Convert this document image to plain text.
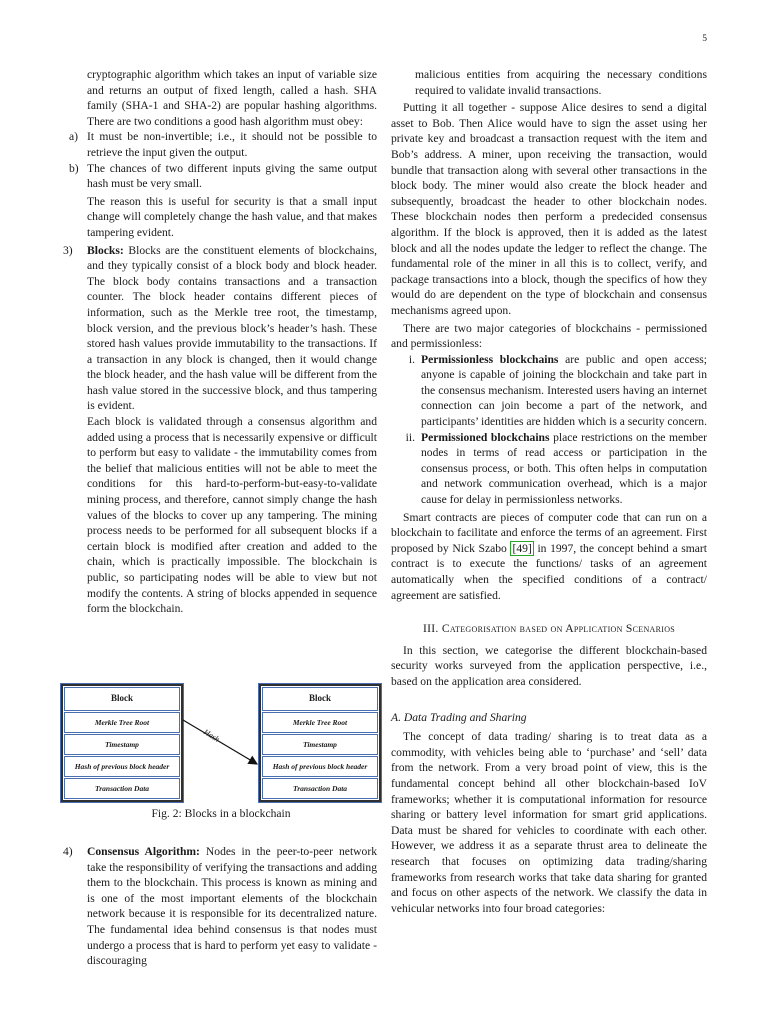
5

cryptographic algorithm which takes an input of variable size and returns an output of fixed length, called a hash. SHA family (SHA-1 and SHA-2) are popular hashing algorithms. There are two conditions a good hash algorithm must obey:

a) It must be non-invertible; i.e., it should not be possible to retrieve the input given the output.
b) The chances of two different inputs giving the same output hash must be very small.

The reason this is useful for security is that a small input change will completely change the hash value, and that makes tampering evident.

3)	Blocks: Blocks are the constituent elements of blockchains, and they typically consist of a block body and block header. The block body contains transactions and a transaction counter. The block header contains different pieces of information, such as the Merkle tree root, the timestamp, block version, and the previous block’s header’s hash. These stored hash values provide immutability to the transactions. If a transaction in any block is changed, then it would change the block header, and the hash value will be different from the hash value stored in the successive block, and thus tampering is evident.

Each block is validated through a consensus algorithm and added using a process that is necessarily expensive or difficult to perform but easy to validate - the immutability comes from the belief that malicious entities will not be able to meet the conditions for this hard-to-perform-but-easy-to-validate mining process, and therefore, cannot simply change the hash values of the blocks to cover up any tampering. The mining process needs to be performed for all subsequent blocks if a certain block is modified after creation and added to the chain, which is practically impossible. The blockchain is public, so participating nodes will be able to view but not modify the contents. A string of blocks appended in sequence form the blockchain.

Block
Merkle Tree Root
Timestamp
Hash of previous block header
Transaction Data
Block
Merkle Tree Root
Timestamp
Hash of previous block header
Transaction Data
Hash
Fig. 2: Blocks in a blockchain
4)	Consensus Algorithm: Nodes in the peer-to-peer network take the responsibility of verifying the transactions and adding them to the blockchain. This process is known as mining and is one of the most important elements of the blockchain network because it is responsible for its decentralized nature. The fundamental idea behind consensus is that nodes must undergo a process that is hard to perform yet easy to validate - discouraging

malicious entities from acquiring the necessary conditions required to validate invalid transactions.

Putting it all together - suppose Alice desires to send a digital asset to Bob. Then Alice would have to sign the asset using her private key and broadcast a transaction request with the item and Bob’s address. A miner, upon receiving the transaction, would bundle that transaction along with several other transactions in the block body. The miner would also create the block header and subsequently, broadcast the header to other blockchain nodes. These blockchain nodes then perform a predecided consensus algorithm. If the block is approved, then it is added as the latest block and all the nodes update the ledger to reflect the change. The fundamental role of the miner in all this is to collect, verify, and package transactions into a block, though the specifics of how they would do are dependent on the type of blockchain and consensus mechanisms agreed upon.

There are two major categories of blockchains - permissioned and permissionless:

i. Permissionless blockchains are public and open access; anyone is capable of joining the blockchain and take part in the consensus mechanism. Interested users having an internet connection can join become a part of the network, and participants’ identities are hidden which is a security concern.

ii. Permissioned blockchains place restrictions on the member nodes in terms of read access or participation in the consensus process, or both. This often helps in computation and network communication overhead, which is a major cause for delay in permissionless networks.

Smart contracts are pieces of computer code that can run on a blockchain to facilitate and enforce the terms of an agreement. First proposed by Nick Szabo [49] in 1997, the concept behind a smart contract is to execute the functions/ tasks of an agreement automatically when the specified conditions of a contract/ agreement are satisfied.

III. Categorisation based on Application Scenarios

In this section, we categorise the different blockchain-based security works surveyed from the application perspective, i.e., based on the application area considered.

A. Data Trading and Sharing

The concept of data trading/ sharing is to treat data as a commodity, with vehicles being able to ‘purchase’ and ‘sell’ data from the network. From a very broad point of view, this is the fundamental concept behind all other blockchain-based IoV frameworks; whether it is computational information for resource sharing or battery level information for smart grid applications. Data must be shared for vehicles to coordinate with each other. However, we address it as a separate thrust area to delineate the research that focuses on optimizing data trading/sharing frameworks from research works that take data sharing for granted and focus on other aspects of the network. We classify the data in vehicular networks into four broad categories:
